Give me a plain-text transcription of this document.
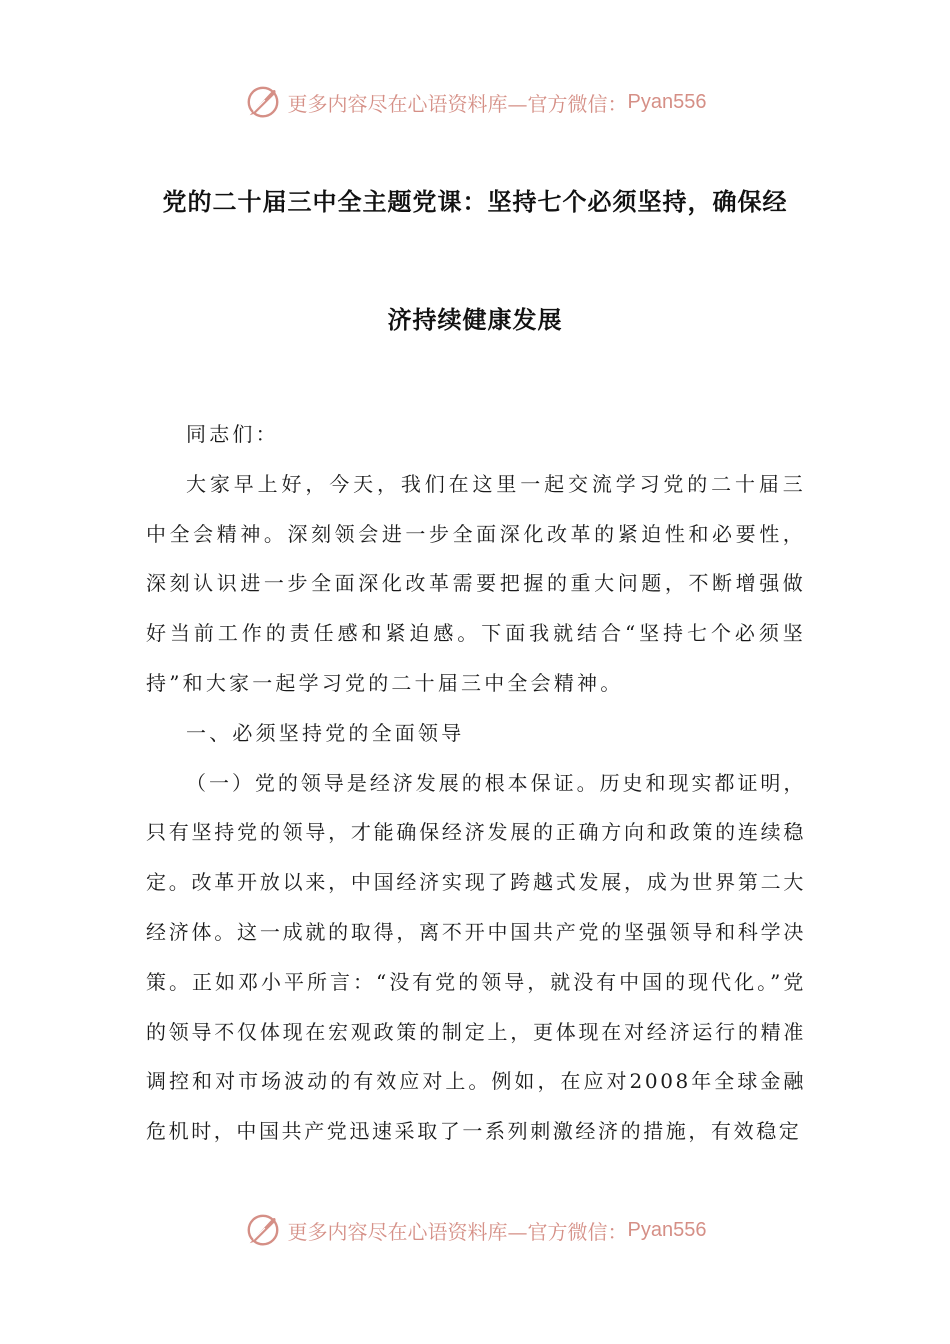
更多内容尽在心语资料库—官方微信： Pyan556
党的二十届三中全主题党课：坚持七个必须坚持，确保经
济持续健康发展

同志们：

大家早上好，今天，我们在这里一起交流学习党的二十届三中全会精神。深刻领会进一步全面深化改革的紧迫性和必要性，深刻认识进一步全面深化改革需要把握的重大问题，不断增强做好当前工作的责任感和紧迫感。下面我就结合“坚持七个必须坚持”和大家一起学习党的二十届三中全会精神。

一、必须坚持党的全面领导

（一）党的领导是经济发展的根本保证。历史和现实都证明，只有坚持党的领导，才能确保经济发展的正确方向和政策的连续稳定。改革开放以来，中国经济实现了跨越式发展，成为世界第二大经济体。这一成就的取得，离不开中国共产党的坚强领导和科学决策。正如邓小平所言：“没有党的领导，就没有中国的现代化。”党的领导不仅体现在宏观政策的制定上，更体现在对经济运行的精准调控和对市场波动的有效应对上。例如，在应对2008年全球金融危机时，中国共产党迅速采取了一系列刺激经济的措施，有效稳定

更多内容尽在心语资料库—官方微信： Pyan556
